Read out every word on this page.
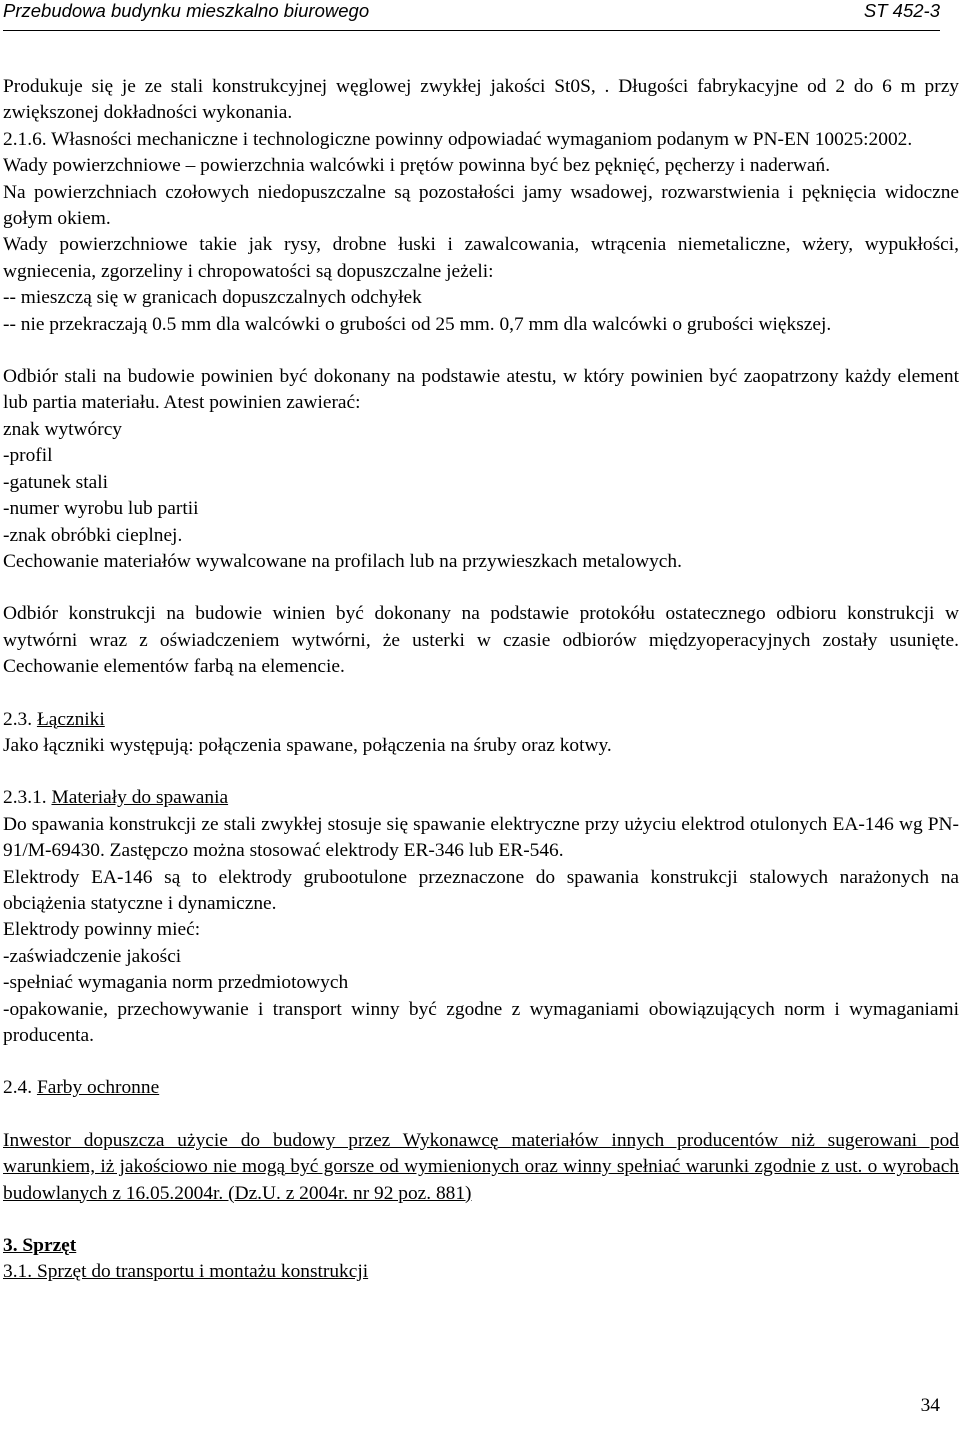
Przebudowa budynku mieszkalno biurowego	ST 452-3

Produkuje się je ze stali konstrukcyjnej węglowej zwykłej jakości St0S, . Długości fabrykacyjne od 2 do 6 m przy zwiększonej dokładności wykonania.

2.1.6. Własności mechaniczne i technologiczne powinny odpowiadać wymaganiom podanym w PN-EN 10025:2002.

Wady powierzchniowe – powierzchnia walcówki i prętów powinna być bez pęknięć, pęcherzy i naderwań.

Na powierzchniach czołowych niedopuszczalne są pozostałości jamy wsadowej, rozwarstwienia i pęknięcia widoczne gołym okiem.

Wady powierzchniowe takie jak rysy, drobne łuski i zawalcowania, wtrącenia niemetaliczne, wżery, wypukłości, wgniecenia, zgorzeliny i chropowatości są dopuszczalne jeżeli:

-- mieszczą się w granicach dopuszczalnych odchyłek

-- nie przekraczają 0.5 mm dla walcówki o grubości od 25 mm. 0,7 mm dla walcówki o grubości większej.

Odbiór stali na budowie powinien być dokonany na podstawie atestu, w który powinien być zaopatrzony każdy element lub partia materiału. Atest powinien zawierać:

znak wytwórcy

-profil

-gatunek stali

-numer wyrobu lub partii

-znak obróbki cieplnej.

Cechowanie materiałów wywalcowane na profilach lub na przywieszkach metalowych.

Odbiór konstrukcji na budowie winien być dokonany na podstawie protokółu ostatecznego odbioru konstrukcji w wytwórni wraz z oświadczeniem wytwórni, że usterki w czasie odbiorów międzyoperacyjnych zostały usunięte. Cechowanie elementów farbą na elemencie.

2.3. Łączniki

Jako łączniki występują: połączenia spawane, połączenia na śruby oraz kotwy.

2.3.1. Materiały do spawania

Do spawania konstrukcji ze stali zwykłej stosuje się spawanie elektryczne przy użyciu elektrod otulonych EA-146 wg PN-91/M-69430. Zastępczo można stosować elektrody ER-346 lub ER-546.

Elektrody EA-146 są to elektrody grubootulone przeznaczone do spawania konstrukcji stalowych narażonych na obciążenia statyczne i dynamiczne.

Elektrody powinny mieć:

-zaświadczenie jakości

-spełniać wymagania norm przedmiotowych

-opakowanie, przechowywanie i transport winny być zgodne z wymaganiami obowiązujących norm i wymaganiami producenta.

2.4. Farby ochronne

Inwestor dopuszcza użycie do budowy przez Wykonawcę materiałów innych producentów niż sugerowani pod warunkiem, iż jakościowo nie mogą być gorsze od wymienionych oraz winny spełniać warunki zgodnie z ust. o wyrobach budowlanych z 16.05.2004r. (Dz.U. z 2004r. nr 92 poz. 881)

3. Sprzęt

3.1. Sprzęt do transportu i montażu konstrukcji

34
